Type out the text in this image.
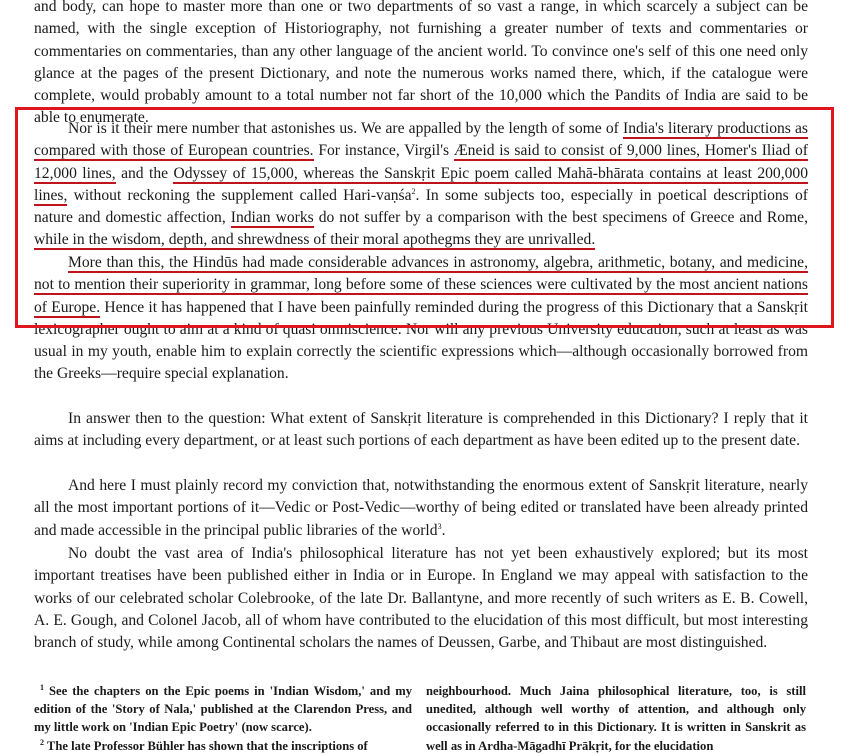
and body, can hope to master more than one or two departments of so vast a range, in which scarcely a subject can be named, with the single exception of Historiography, not furnishing a greater number of texts and commentaries or commentaries on commentaries, than any other language of the ancient world. To convince one's self of this one need only glance at the pages of the present Dictionary, and note the numerous works named there, which, if the catalogue were complete, would probably amount to a total number not far short of the 10,000 which the Pandits of India are said to be able to enumerate.

Nor is it their mere number that astonishes us. We are appalled by the length of some of India's literary productions as compared with those of European countries. For instance, Virgil's Æneid is said to consist of 9,000 lines, Homer's Iliad of 12,000 lines, and the Odyssey of 15,000, whereas the Sanskṛit Epic poem called Mahā-bhārata contains at least 200,000 lines, without reckoning the supplement called Hari-vaṇśa$^2$. In some subjects too, especially in poetical descriptions of nature and domestic affection, Indian works do not suffer by a comparison with the best specimens of Greece and Rome, while in the wisdom, depth, and shrewdness of their moral apothegms they are unrivalled.

More than this, the Hindūs had made considerable advances in astronomy, algebra, arithmetic, botany, and medicine, not to mention their superiority in grammar, long before some of these sciences were cultivated by the most ancient nations of Europe. Hence it has happened that I have been painfully reminded during the progress of this Dictionary that a Sanskṛit lexicographer ought to aim at a kind of quasi omniscience. Nor will any previous University education, such at least as was usual in my youth, enable him to explain correctly the scientific expressions which—although occasionally borrowed from the Greeks—require special explanation.

In answer then to the question: What extent of Sanskṛit literature is comprehended in this Dictionary? I reply that it aims at including every department, or at least such portions of each department as have been edited up to the present date.

And here I must plainly record my conviction that, notwithstanding the enormous extent of Sanskṛit literature, nearly all the most important portions of it—Vedic or Post-Vedic—worthy of being edited or translated have been already printed and made accessible in the principal public libraries of the world$^3$.

No doubt the vast area of India's philosophical literature has not yet been exhaustively explored; but its most important treatises have been published either in India or in Europe. In England we may appeal with satisfaction to the works of our celebrated scholar Colebrooke, of the late Dr. Ballantyne, and more recently of such writers as E. B. Cowell, A. E. Gough, and Colonel Jacob, all of whom have contributed to the elucidation of this most difficult, but most interesting branch of study, while among Continental scholars the names of Deussen, Garbe, and Thibaut are most distinguished.

$^1$ See the chapters on the Epic poems in 'Indian Wisdom,' and my edition of the 'Story of Nala,' published at the Clarendon Press, and my little work on 'Indian Epic Poetry' (now scarce).

$^2$ The late Professor Bühler has shown that the inscriptions of

neighbourhood. Much Jaina philosophical literature, too, is still unedited, although well worthy of attention, and although only occasionally referred to in this Dictionary. It is written in Sanskrit as well as in Ardha-Māgadhī Prākṛit, for the elucidation
